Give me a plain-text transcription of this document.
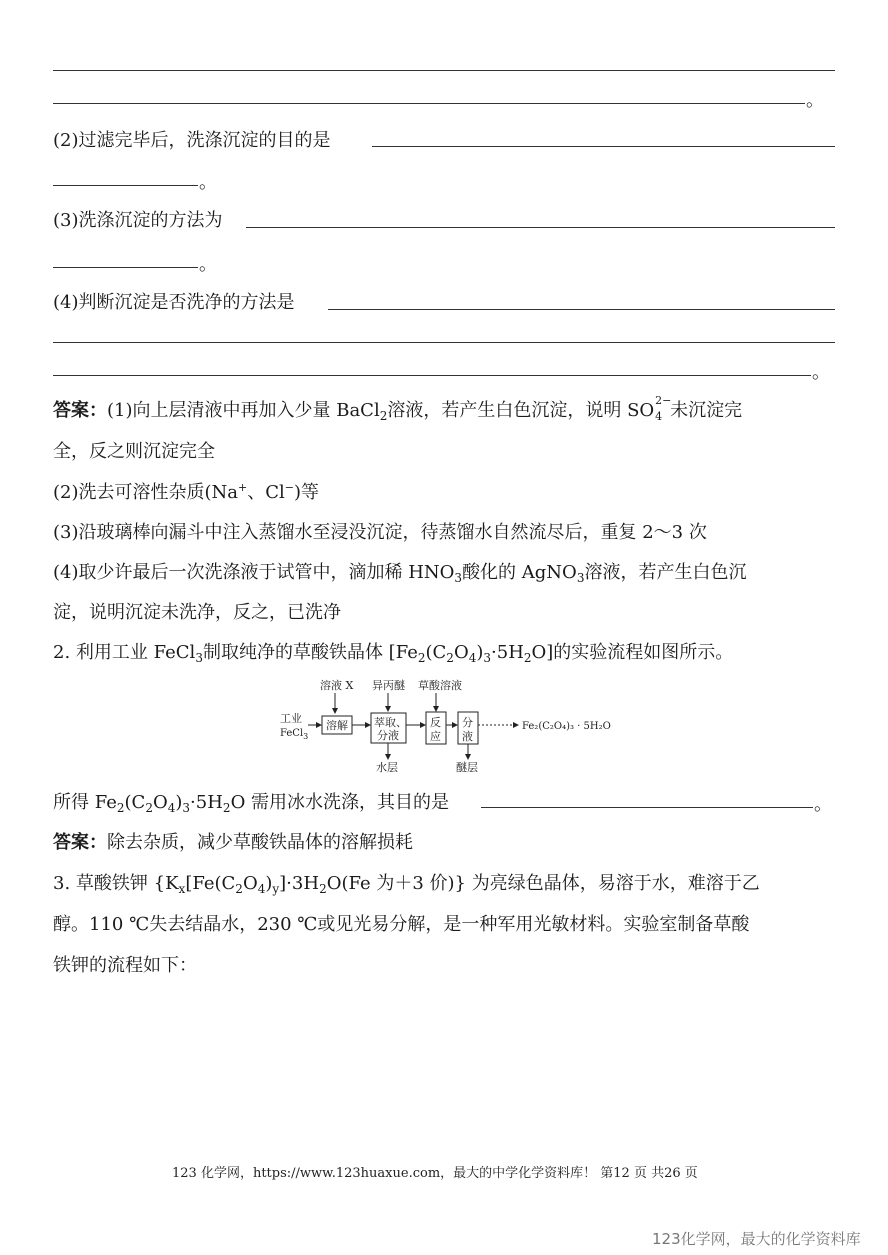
。
(2)过滤完毕后，洗涤沉淀的目的是
。
(3)洗涤沉淀的方法为
。
(4)判断沉淀是否洗净的方法是
。
答案：(1)向上层清液中再加入少量 BaCl$_2$溶液，若产生白色沉淀，说明 SO 2−
4 未沉淀完
全，反之则沉淀完全
(2)洗去可溶性杂质(Na+、Cl−)等
(3)沿玻璃棒向漏斗中注入蒸馏水至浸没沉淀，待蒸馏水自然流尽后，重复 2～3 次
(4)取少许最后一次洗涤液于试管中，滴加稀 $HNO_3$酸化的 AgNO$_3$溶液，若产生白色沉
淀，说明沉淀未洗净，反之，已洗净
2. 利用工业 FeCl$_3$制取纯净的草酸铁晶体 $[Fe_2(C_2O_4)_3\cdot 5H_2O]$的实验流程如图所示。
溶液 X 异丙醚 草酸溶液
工业
FeCl$_3$
溶解 萃取、
分液
反
应
分
液
Fe₂(C₂O₄)₃ · 5H₂O
水层	醚层
所得 $Fe_2(C_2O_4)_3\cdot 5H_2O$ 需用冰水洗涤，其目的是	。
答案：除去杂质，减少草酸铁晶体的溶解损耗
3. 草酸铁钾 {$K_x[Fe(C_2O_4)_y]\cdot 3H_2O(Fe$ 为＋3 价)} 为亮绿色晶体，易溶于水，难溶于乙
醇。110 ℃失去结晶水，230 ℃或见光易分解，是一种军用光敏材料。实验室制备草酸
铁钾的流程如下：
123 化学网，https://www.123huaxue.com，最大的中学化学资料库！ 第12 页 共26 页
123化学网，最大的化学资料库
